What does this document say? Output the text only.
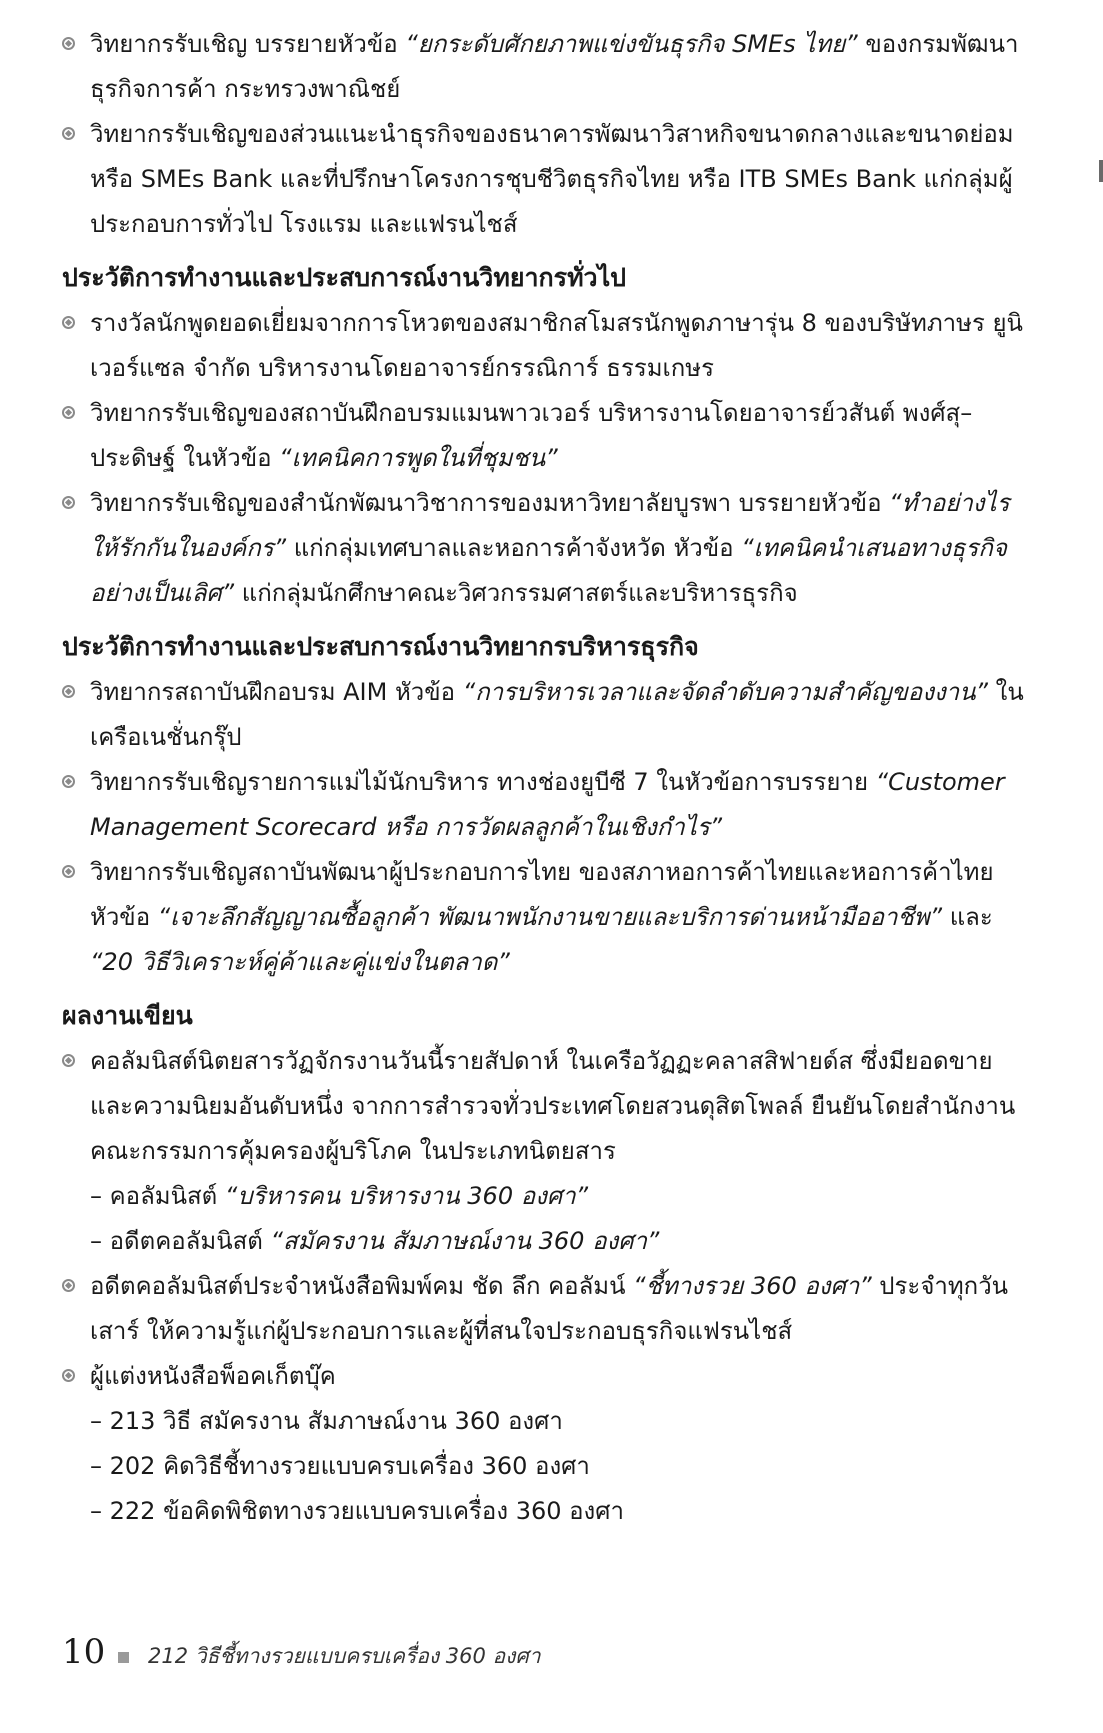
วิทยากรรับเชิญ บรรยายหัวข้อ “ยกระดับศักยภาพแข่งขันธุรกิจ SMEs ไทย” ของกรมพัฒนาธุรกิจการค้า กระทรวงพาณิชย์

วิทยากรรับเชิญของส่วนแนะนำธุรกิจของธนาคารพัฒนาวิสาหกิจขนาดกลางและขนาดย่อม หรือ SMEs Bank และที่ปรึกษาโครงการชุบชีวิตธุรกิจไทย หรือ ITB SMEs Bank แก่กลุ่มผู้ประกอบการทั่วไป โรงแรม และแฟรนไชส์

ประวัติการทำงานและประสบการณ์งานวิทยากรทั่วไป

รางวัลนักพูดยอดเยี่ยมจากการโหวตของสมาชิกสโมสรนักพูดภาษารุ่น 8 ของบริษัทภาษร ยูนิเวอร์แซล จำกัด บริหารงานโดยอาจารย์กรรณิการ์ ธรรมเกษร

วิทยากรรับเชิญของสถาบันฝึกอบรมแมนพาวเวอร์ บริหารงานโดยอาจารย์วสันต์ พงศ์สุ–ประดิษฐ์ ในหัวข้อ “เทคนิคการพูดในที่ชุมชน”

วิทยากรรับเชิญของสำนักพัฒนาวิชาการของมหาวิทยาลัยบูรพา บรรยายหัวข้อ “ทำอย่างไรให้รักกันในองค์กร” แก่กลุ่มเทศบาลและหอการค้าจังหวัด หัวข้อ “เทคนิคนำเสนอทางธุรกิจอย่างเป็นเลิศ” แก่กลุ่มนักศึกษาคณะวิศวกรรมศาสตร์และบริหารธุรกิจ

ประวัติการทำงานและประสบการณ์งานวิทยากรบริหารธุรกิจ

วิทยากรสถาบันฝึกอบรม AIM หัวข้อ “การบริหารเวลาและจัดลำดับความสำคัญของงาน” ในเครือเนชั่นกรุ๊ป

วิทยากรรับเชิญรายการแม่ไม้นักบริหาร ทางช่องยูบีซี 7 ในหัวข้อการบรรยาย “Customer Management Scorecard หรือ การวัดผลลูกค้าในเชิงกำไร”

วิทยากรรับเชิญสถาบันพัฒนาผู้ประกอบการไทย ของสภาหอการค้าไทยและหอการค้าไทย หัวข้อ “เจาะลึกสัญญาณซื้อลูกค้า พัฒนาพนักงานขายและบริการด่านหน้ามืออาชีพ” และ “20 วิธีวิเคราะห์คู่ค้าและคู่แข่งในตลาด”

ผลงานเขียน

คอลัมนิสต์นิตยสารวัฏจักรงานวันนี้รายสัปดาห์ ในเครือวัฏฏะคลาสสิฟายด์ส ซึ่งมียอดขายและความนิยมอันดับหนึ่ง จากการสำรวจทั่วประเทศโดยสวนดุสิตโพลล์ ยืนยันโดยสำนักงานคณะกรรมการคุ้มครองผู้บริโภค ในประเภทนิตยสาร

– คอลัมนิสต์ “บริหารคน บริหารงาน 360 องศา”

– อดีตคอลัมนิสต์ “สมัครงาน สัมภาษณ์งาน 360 องศา”

อดีตคอลัมนิสต์ประจำหนังสือพิมพ์คม ชัด ลึก คอลัมน์ “ชี้ทางรวย 360 องศา” ประจำทุกวันเสาร์ ให้ความรู้แก่ผู้ประกอบการและผู้ที่สนใจประกอบธุรกิจแฟรนไชส์

ผู้แต่งหนังสือพ็อคเก็ตบุ๊ค

– 213 วิธี สมัครงาน สัมภาษณ์งาน 360 องศา

– 202 คิดวิธีชี้ทางรวยแบบครบเครื่อง 360 องศา

– 222 ข้อคิดพิชิตทางรวยแบบครบเครื่อง 360 องศา

10 212 วิธีชี้ทางรวยแบบครบเครื่อง 360 องศา
